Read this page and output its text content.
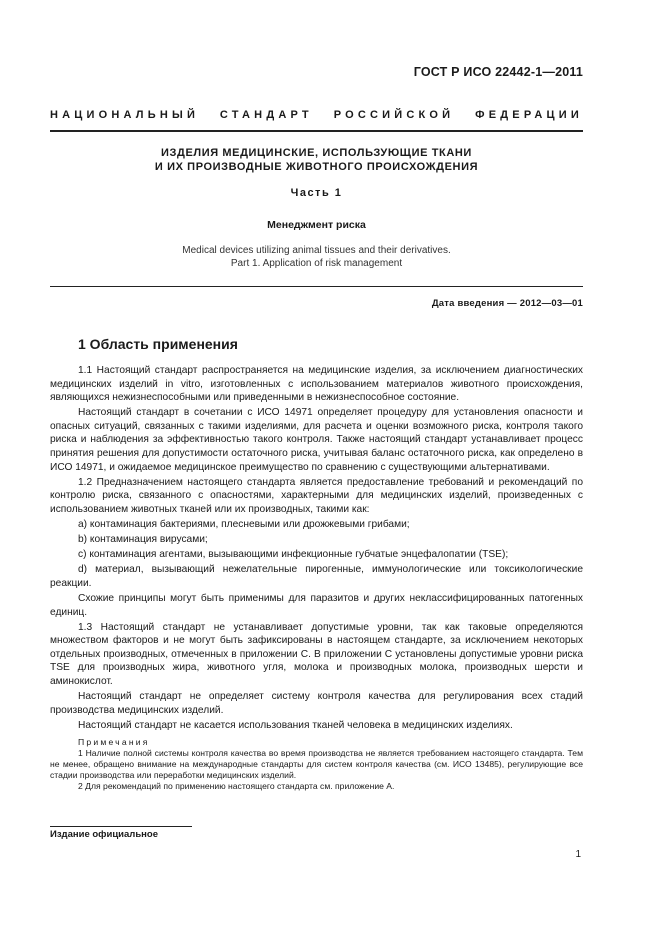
ГОСТ Р ИСО 22442-1—2011
НАЦИОНАЛЬНЫЙ СТАНДАРТ РОССИЙСКОЙ ФЕДЕРАЦИИ
ИЗДЕЛИЯ МЕДИЦИНСКИЕ, ИСПОЛЬЗУЮЩИЕ ТКАНИ
И ИХ ПРОИЗВОДНЫЕ ЖИВОТНОГО ПРОИСХОЖДЕНИЯ
Часть 1
Менеджмент риска
Medical devices utilizing animal tissues and their derivatives.
Part 1. Application of risk management
Дата введения — 2012—03—01
1 Область применения

1.1 Настоящий стандарт распространяется на медицинские изделия, за исключением диагностических медицинских изделий in vitro, изготовленных с использованием материалов животного происхождения, являющихся нежизнеспособными или приведенными в нежизнеспособное состояние.

Настоящий стандарт в сочетании с ИСО 14971 определяет процедуру для установления опасности и опасных ситуаций, связанных с такими изделиями, для расчета и оценки возможного риска, контроля такого риска и наблюдения за эффективностью такого контроля. Также настоящий стандарт устанавливает процесс принятия решения для допустимости остаточного риска, учитывая баланс остаточного риска, как определено в ИСО 14971, и ожидаемое медицинское преимущество по сравнению с существующими альтернативами.

1.2 Предназначением настоящего стандарта является предоставление требований и рекомендаций по контролю риска, связанного с опасностями, характерными для медицинских изделий, произведенных с использованием животных тканей или их производных, такими как:

a) контаминация бактериями, плесневыми или дрожжевыми грибами;

b) контаминация вирусами;

c) контаминация агентами, вызывающими инфекционные губчатые энцефалопатии (TSE);

d) материал, вызывающий нежелательные пирогенные, иммунологические или токсикологические реакции.

Схожие принципы могут быть применимы для паразитов и других неклассифицированных патогенных единиц.

1.3 Настоящий стандарт не устанавливает допустимые уровни, так как таковые определяются множеством факторов и не могут быть зафиксированы в настоящем стандарте, за исключением некоторых отдельных производных, отмеченных в приложении С. В приложении С установлены допустимые уровни риска TSE для производных жира, животного угля, молока и производных молока, производных шерсти и аминокислот.

Настоящий стандарт не определяет систему контроля качества для регулирования всех стадий производства медицинских изделий.

Настоящий стандарт не касается использования тканей человека в медицинских изделиях.

Примечания

1 Наличие полной системы контроля качества во время производства не является требованием настоящего стандарта. Тем не менее, обращено внимание на международные стандарты для систем контроля качества (см. ИСО 13485), регулирующие все стадии производства или переработки медицинских изделий.

2 Для рекомендаций по применению настоящего стандарта см. приложение А.

Издание официальное
1
